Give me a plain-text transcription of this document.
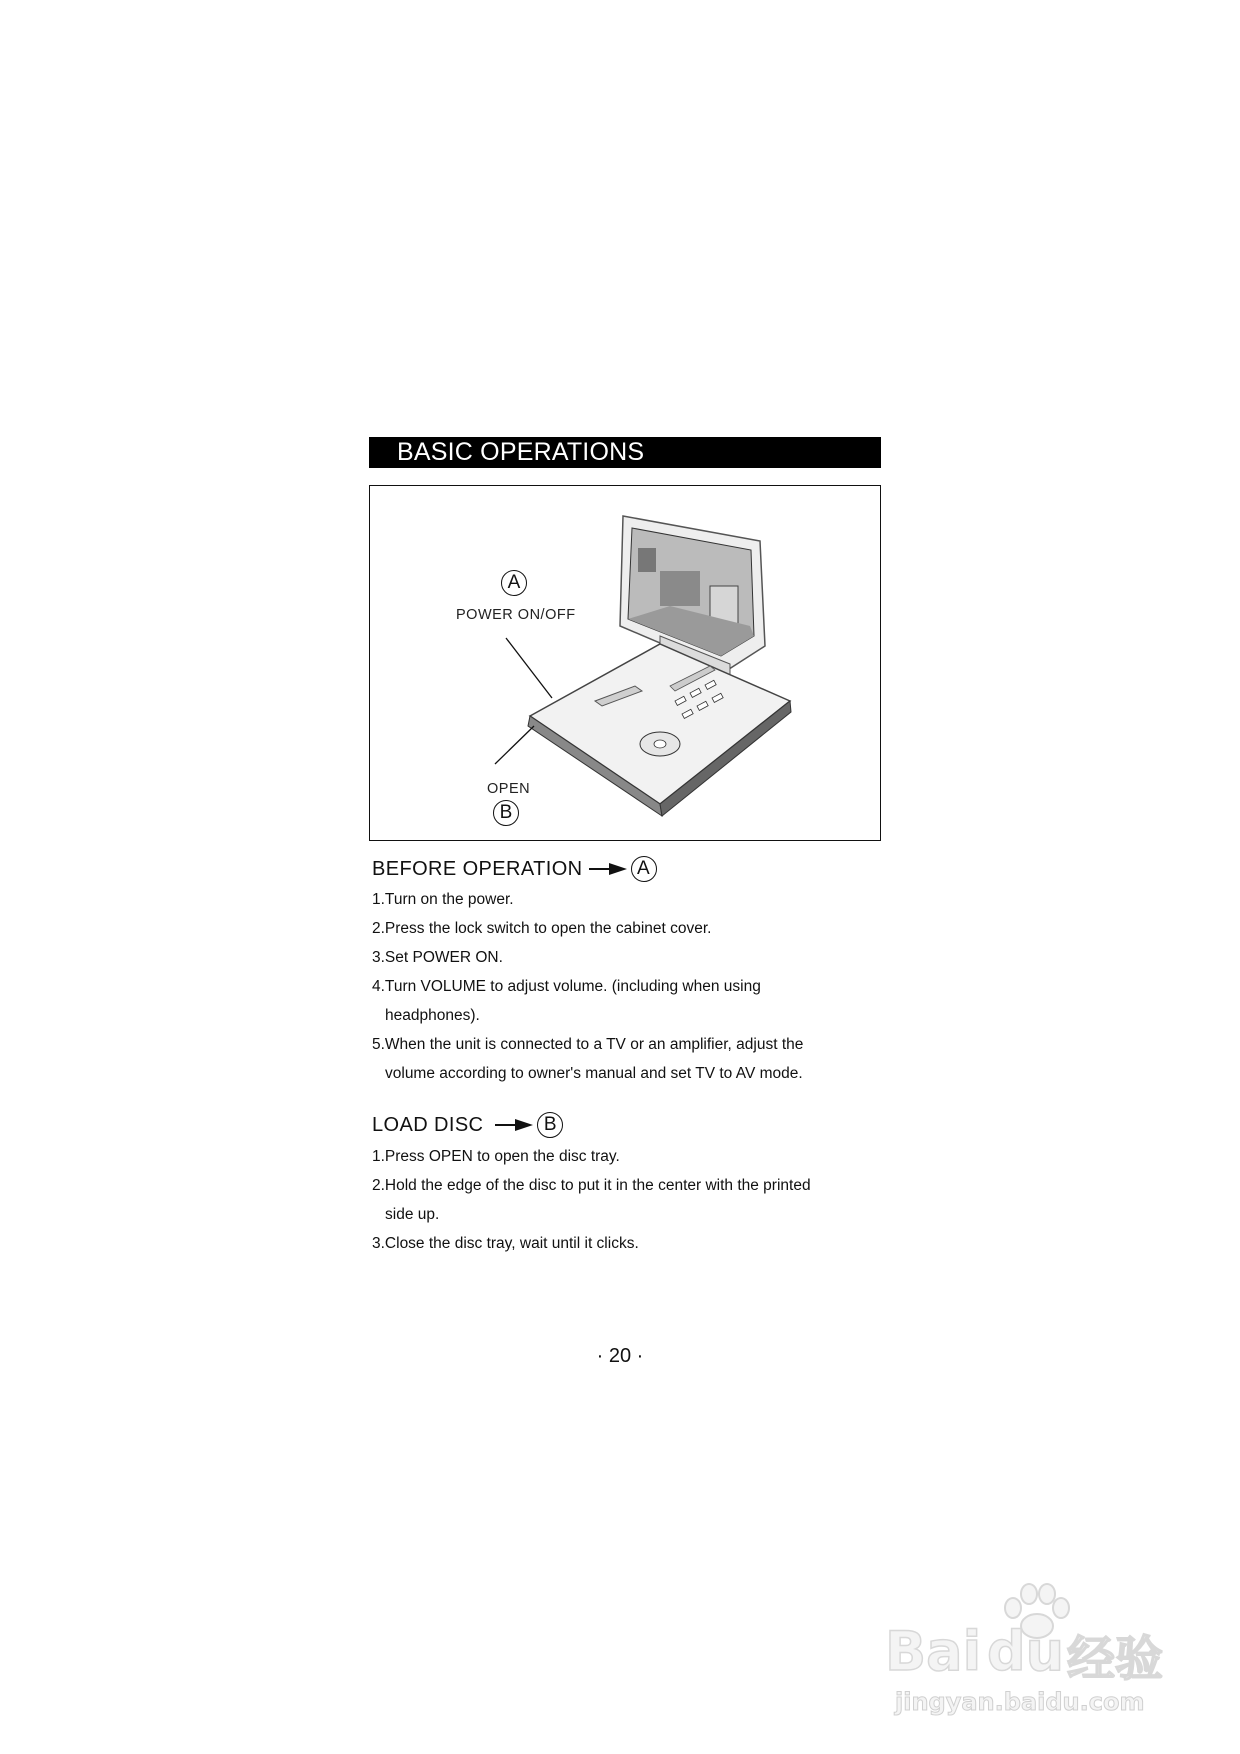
BASIC OPERATIONS
A
POWER ON/OFF
OPEN
B
BEFORE OPERATION	A
1.Turn on the power.
2.Press the lock switch to open the cabinet cover.
3.Set POWER ON.
4.Turn VOLUME to adjust volume. (including when using
headphones).
5.When the unit is connected to a TV or an amplifier, adjust the
volume according to owner's manual and set TV to AV mode.
LOAD DISC	B
1.Press OPEN to open the disc tray.
2.Hold the edge of the disc to put it in the center with the printed
side up.
3.Close the disc tray, wait until it clicks.
· 20 ·
Bai du 经验
jingyan.baidu.com
